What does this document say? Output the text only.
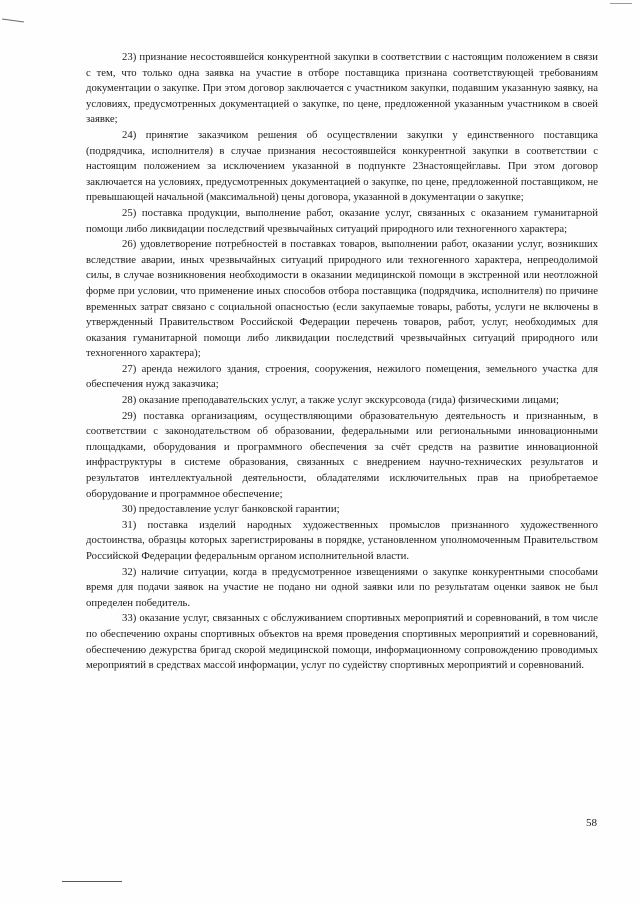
23) признание несостоявшейся конкурентной закупки в соответствии с настоящим положением в связи с тем, что только одна заявка на участие в отборе поставщика признана соответствующей требованиям документации о закупке. При этом договор заключается с участником закупки, подавшим указанную заявку, на условиях, предусмотренных документацией о закупке, по цене, предложенной указанным участником в своей заявке;

24) принятие заказчиком решения об осуществлении закупки у единственного поставщика (подрядчика, исполнителя) в случае признания несостоявшейся конкурентной закупки в соответствии с настоящим положением за исключением указанной в подпункте 23настоящейглавы. При этом договор заключается на условиях, предусмотренных документацией о закупке, по цене, предложенной поставщиком, не превышающей начальной (максимальной) цены договора, указанной в документации о закупке;

25) поставка продукции, выполнение работ, оказание услуг, связанных с оказанием гуманитарной помощи либо ликвидации последствий чрезвычайных ситуаций природного или техногенного характера;

26) удовлетворение потребностей в поставках товаров, выполнении работ, оказании услуг, возникших вследствие аварии, иных чрезвычайных ситуаций природного или техногенного характера, непреодолимой силы, в случае возникновения необходимости в оказании медицинской помощи в экстренной или неотложной форме при условии, что применение иных способов отбора поставщика (подрядчика, исполнителя) по причине временных затрат связано с социальной опасностью (если закупаемые товары, работы, услуги не включены в утвержденный Правительством Российской Федерации перечень товаров, работ, услуг, необходимых для оказания гуманитарной помощи либо ликвидации последствий чрезвычайных ситуаций природного или техногенного характера);

27) аренда нежилого здания, строения, сооружения, нежилого помещения, земельного участка для обеспечения нужд заказчика;

28) оказание преподавательских услуг, а также услуг экскурсовода (гида) физическими лицами;

29) поставка организациям, осуществляющими образовательную деятельность и признанным, в соответствии с законодательством об образовании, федеральными или региональными инновационными площадками, оборудования и программного обеспечения за счёт средств на развитие инновационной инфраструктуры в системе образования, связанных с внедрением научно-технических результатов и результатов интеллектуальной деятельности, обладателями исключительных прав на приобретаемое оборудование и программное обеспечение;

30) предоставление услуг банковской гарантии;

31) поставка изделий народных художественных промыслов признанного художественного достоинства, образцы которых зарегистрированы в порядке, установленном уполномоченным Правительством Российской Федерации федеральным органом исполнительной власти.

32) наличие ситуации, когда в предусмотренное извещениями о закупке конкурентными способами время для подачи заявок на участие не подано ни одной заявки или по результатам оценки заявок не был определен победитель.

33) оказание услуг, связанных с обслуживанием спортивных мероприятий и соревнований, в том числе по обеспечению охраны спортивных объектов на время проведения спортивных мероприятий и соревнований, обеспечению дежурства бригад скорой медицинской помощи, информационному сопровождению проводимых мероприятий в средствах массой информации, услуг по судейству спортивных мероприятий и соревнований.

58
